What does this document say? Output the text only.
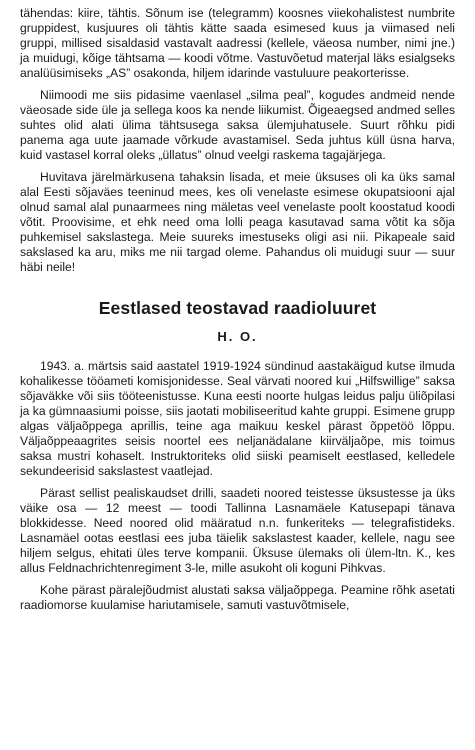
tähendas: kiire, tähtis. Sõnum ise (telegramm) koosnes viiekohalistest numbrite gruppidest, kusjuures oli tähtis kätte saada esimesed kuus ja viimased neli gruppi, millised sisaldasid vastavalt aadressi (kellele, väeosa number, nimi jne.) ja muidugi, kõige tähtsama — koodi võtme. Vastuvõetud materjal läks esialgseks analüüsimiseks „AS” osakonda, hiljem idarinde vastuluure peakorterisse.

Niimoodi me siis pidasime vaenlasel „silma peal”, kogudes andmeid nende väeosade side üle ja sellega koos ka nende liikumist. Õigeaegsed andmed selles suhtes olid alati ülima tähtsusega saksa ülemjuhatusele. Suurt rõhku pidi panema aga uute jaamade võrkude avastamisel. Seda juhtus küll üsna harva, kuid vastasel korral oleks „üllatus” olnud veelgi raskema tagajärjega.

Huvitava järelmärkusena tahaksin lisada, et meie üksuses oli ka üks samal alal Eesti sõjaväes teeninud mees, kes oli venelaste esimese okupatsiooni ajal olnud samal alal punaarmees ning mäletas veel venelaste poolt koostatud koodi võtit. Proovisime, et ehk need oma lolli peaga kasutavad sama võtit ka sõja puhkemisel sakslastega. Meie suureks imestuseks oligi asi nii. Pikapeale said sakslased ka aru, miks me nii targad oleme. Pahandus oli muidugi suur — suur häbi neile!

Eestlased teostavad raadioluuret
H. O.

1943. a. märtsis said aastatel 1919-1924 sündinud aastakäigud kutse ilmuda kohalikesse tööameti komisjonidesse. Seal värvati noored kui „Hilfswillige” saksa sõjaväkke või siis tööteenistusse. Kuna eesti noorte hulgas leidus palju üliõpilasi ja ka gümnaasiumi poisse, siis jaotati mobiliseeritud kahte gruppi. Esimene grupp algas väljaõppega aprillis, teine aga maikuu keskel pärast õppetöö lõppu. Väljaõppeaagrites seisis noortel ees neljanädalane kiirväljaõpe, mis toimus saksa mustri kohaselt. Instruktoriteks olid siiski peamiselt eestlased, kelledele sekundeerisid sakslastest vaatlejad.

Pärast sellist pealiskaudset drilli, saadeti noored teistesse üksustesse ja üks väike osa — 12 meest — toodi Tallinna Lasnamäele Katusepapi tänava blokkidesse. Need noored olid määratud n.n. funkeriteks — telegrafistideks. Lasnamäel ootas eestlasi ees juba täielik sakslastest kaader, kellele, nagu see hiljem selgus, ehitati üles terve kompanii. Üksuse ülemaks oli ülem-ltn. K., kes allus Feldnachrichtenregiment 3-le, mille asukoht oli koguni Pihkvas.

Kohe pärast päralejõudmist alustati saksa väljaõppega. Peamine rõhk asetati raadiomorse kuulamise hariutamisele, samuti vastuvõtmisele,
